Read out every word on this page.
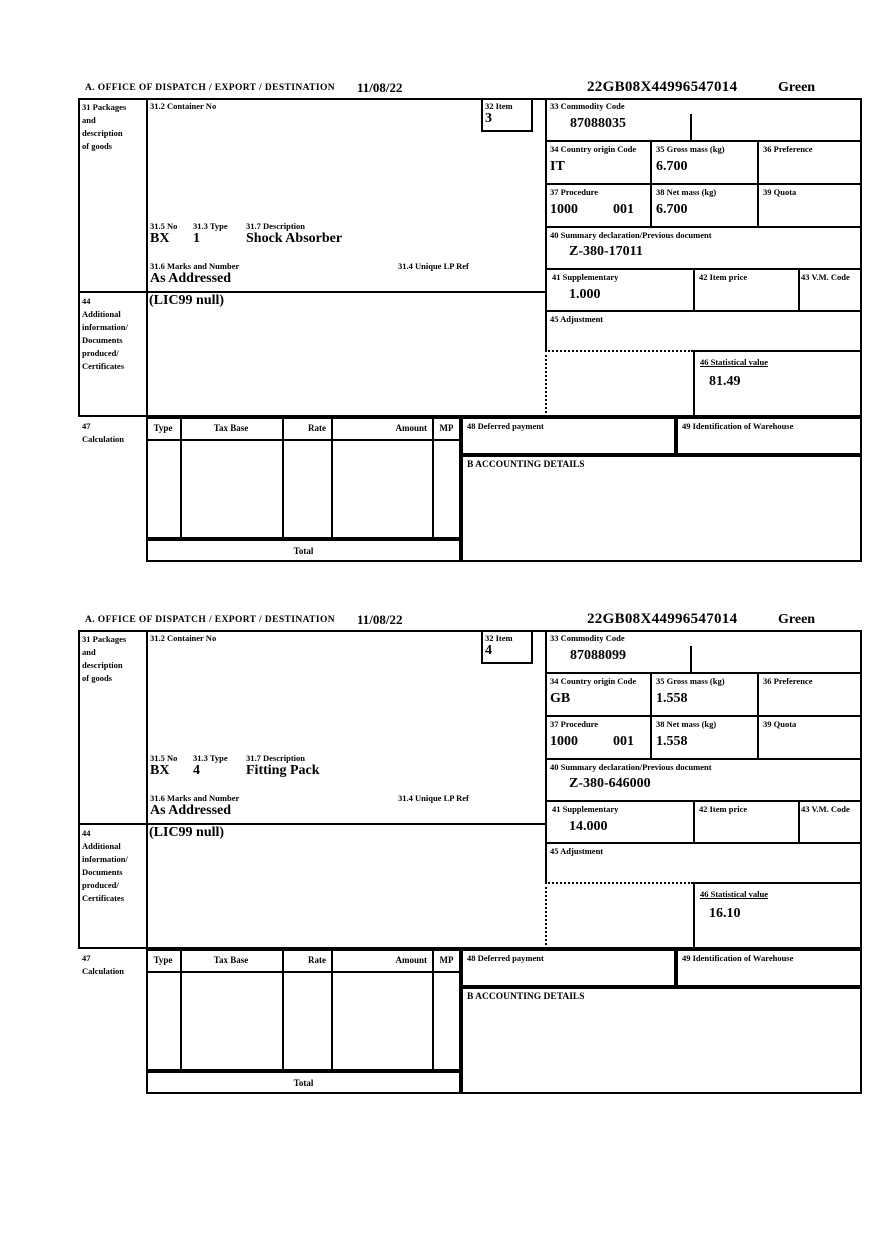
A. OFFICE OF DISPATCH / EXPORT / DESTINATION 11/08/22	22GB08X44996547014	Green
31 Packages
and
description
of goods
31.2 Container No	32 Item
3
33 Commodity Code
87088035
34 Country origin Code
IT
35 Gross mass (kg)
6.700
36 Preference
37 Procedure
1000	001
38 Net mass (kg)
6.700
39 Quota
40 Summary declaration/Previous document
Z-380-17011
41 Supplementary
1.000
42 Item price	43 V.M. Code
45 Adjustment
46 Statistical value
81.49
31.5 No 31.3 Type 31.7 Description
BX 1	Shock Absorber
31.6 Marks and Number	31.4 Unique LP Ref
As Addressed
44
Additional
information/
Documents
produced/
Certificates
(LIC99 null)
47
Calculation
Type	Tax Base	Rate	Amount	MP
Total
48 Deferred payment	49 Identification of Warehouse
B ACCOUNTING DETAILS
A. OFFICE OF DISPATCH / EXPORT / DESTINATION 11/08/22	22GB08X44996547014	Green
31 Packages
and
description
of goods
31.2 Container No	32 Item
4
33 Commodity Code
87088099
34 Country origin Code
GB
35 Gross mass (kg)
1.558
36 Preference
37 Procedure
1000	001
38 Net mass (kg)
1.558
39 Quota
40 Summary declaration/Previous document
Z-380-646000
41 Supplementary
14.000
42 Item price	43 V.M. Code
45 Adjustment
46 Statistical value
16.10
31.5 No 31.3 Type 31.7 Description
BX 4	Fitting Pack
31.6 Marks and Number	31.4 Unique LP Ref
As Addressed
44
Additional
information/
Documents
produced/
Certificates
(LIC99 null)
47
Calculation
Type	Tax Base	Rate	Amount	MP
Total
48 Deferred payment	49 Identification of Warehouse
B ACCOUNTING DETAILS
